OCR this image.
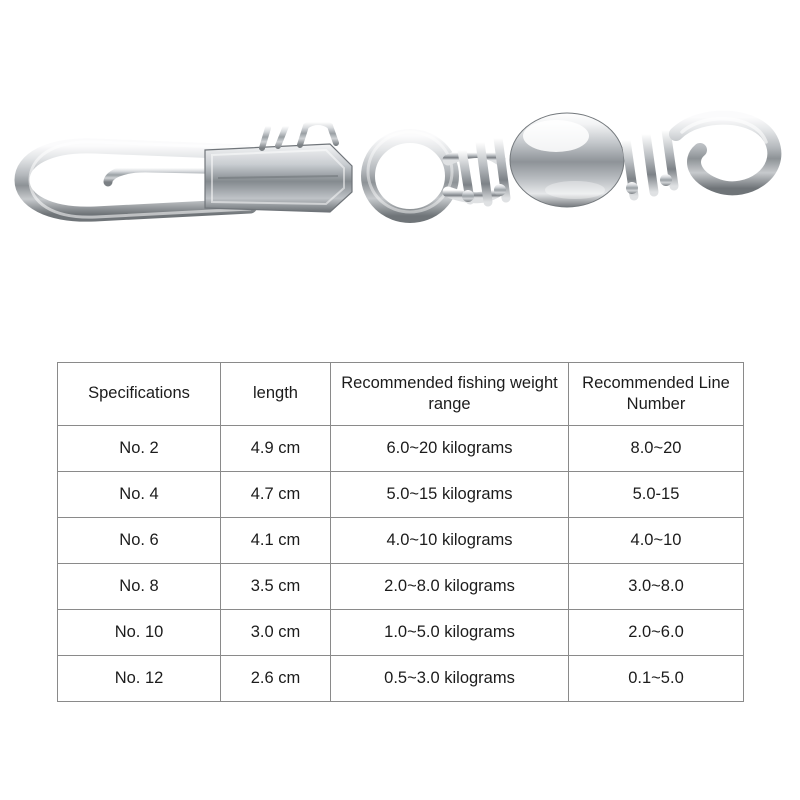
Specifications	length	Recommended fishing weight range	Recommended Line Number

No. 2	4.9 cm	6.0~20 kilograms	8.0~20
No. 4	4.7 cm	5.0~15 kilograms	5.0-15
No. 6	4.1 cm	4.0~10 kilograms	4.0~10
No. 8	3.5 cm	2.0~8.0 kilograms	3.0~8.0
No. 10	3.0 cm	1.0~5.0 kilograms	2.0~6.0
No. 12	2.6 cm	0.5~3.0 kilograms	0.1~5.0
